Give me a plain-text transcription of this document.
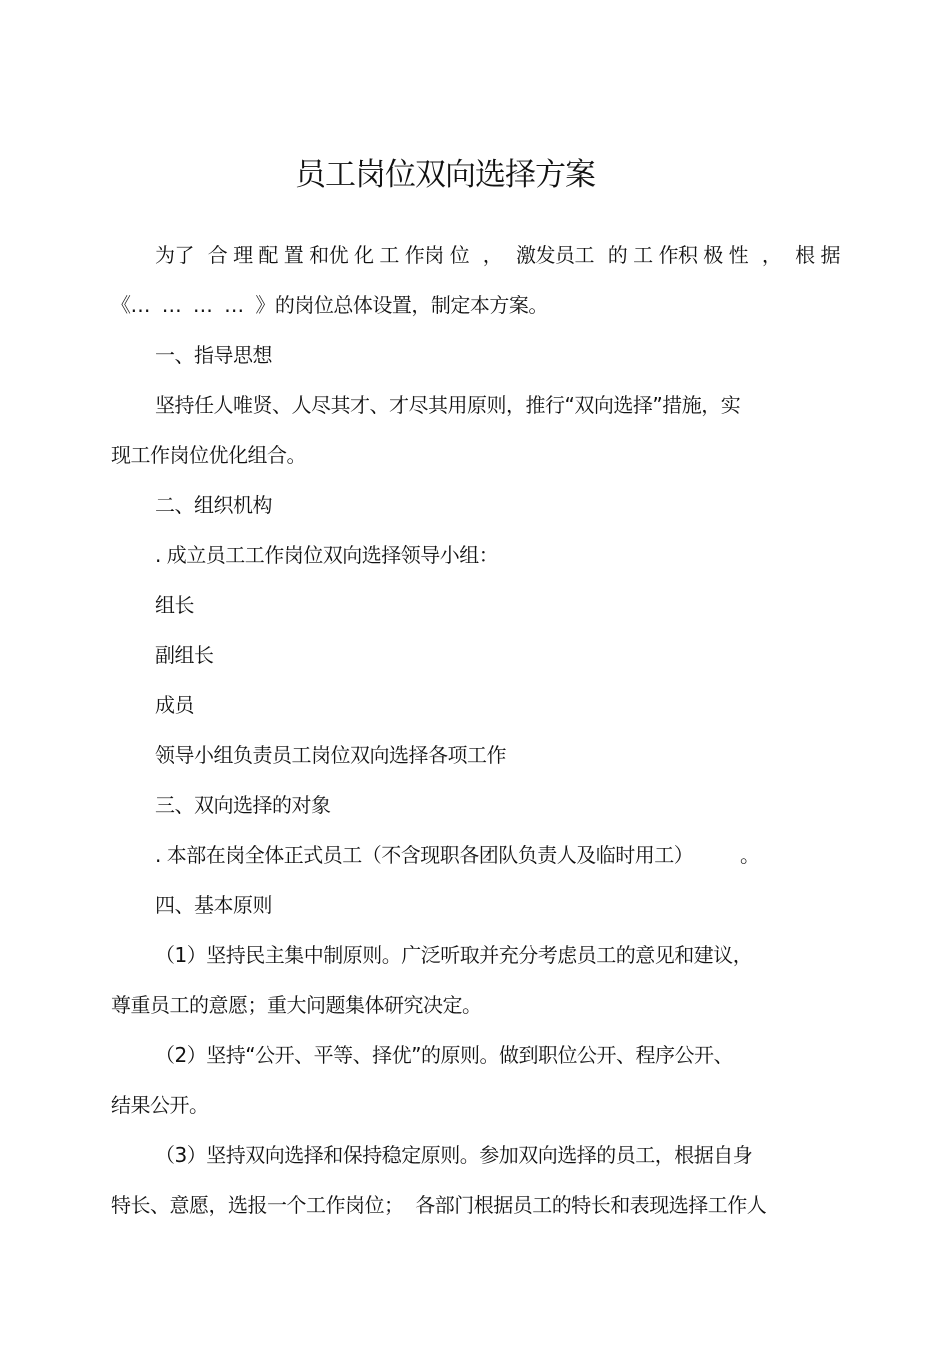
员工岗位双向选择方案
为了 合 理 配 置 和优 化 工 作岗 位 ， 激发员工 的 工 作积 极 性 ， 根 据
《…  …  …  …  》的岗位总体设置，制定本方案。
一、指导思想
坚持任人唯贤、人尽其才、才尽其用原则，推行“双向选择”措施，实
现工作岗位优化组合。
二、组织机构
. 成立员工工作岗位双向选择领导小组：
组长
副组长
成员
领导小组负责员工岗位双向选择各项工作
三、双向选择的对象
. 本部在岗全体正式员工（不含现职各团队负责人及临时用工） 。
四、基本原则
（1）坚持民主集中制原则。广泛听取并充分考虑员工的意见和建议，
尊重员工的意愿；重大问题集体研究决定。
（2）坚持“公开、平等、择优”的原则。做到职位公开、程序公开、
结果公开。
（3）坚持双向选择和保持稳定原则。参加双向选择的员工，根据自身
特长、意愿，选报一个工作岗位；  各部门根据员工的特长和表现选择工作人
